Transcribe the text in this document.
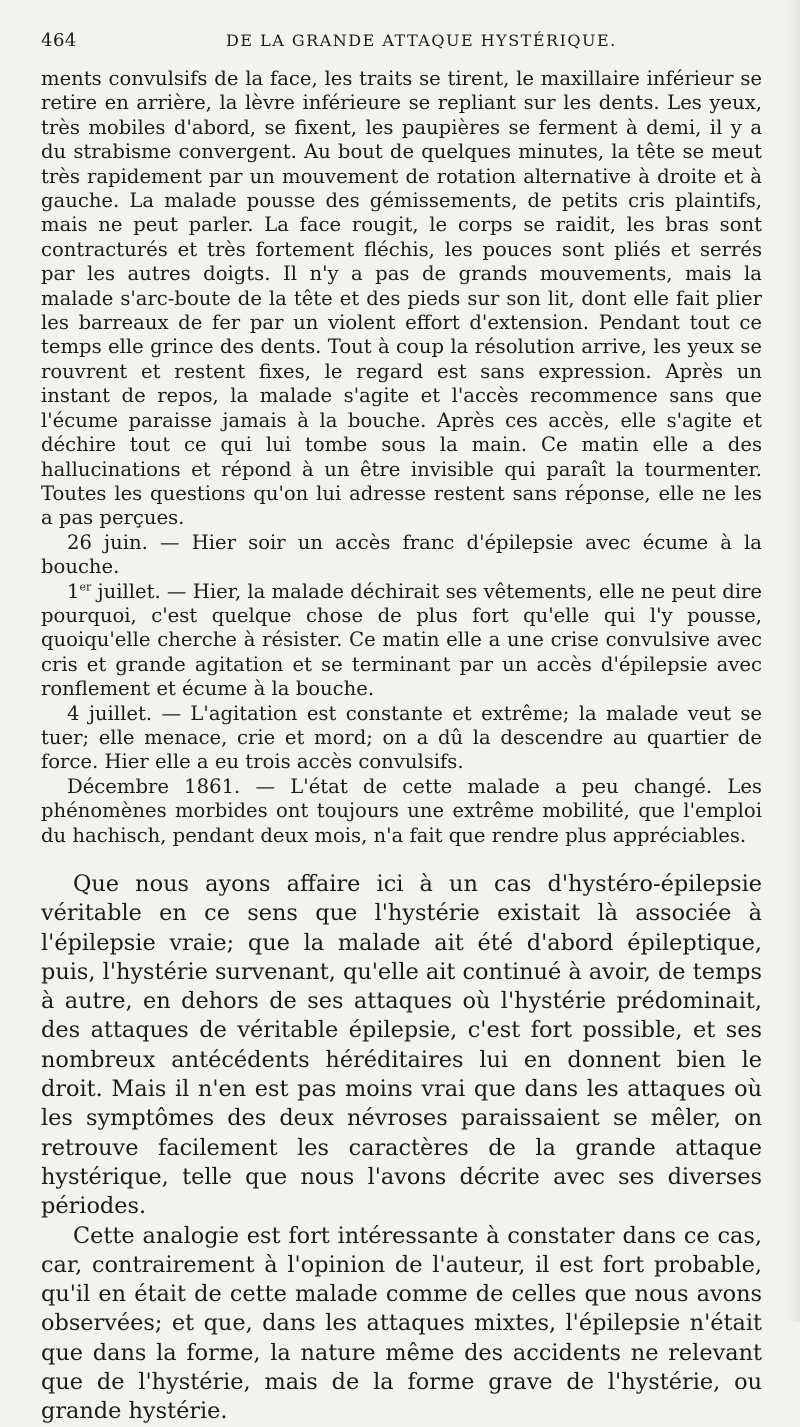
464	DE LA GRANDE ATTAQUE HYSTÉRIQUE.

ments convulsifs de la face, les traits se tirent, le maxillaire inférieur se retire en arrière, la lèvre inférieure se repliant sur les dents. Les yeux, très mobiles d'abord, se fixent, les paupières se ferment à demi, il y a du strabisme convergent. Au bout de quelques minutes, la tête se meut très rapidement par un mouvement de rotation alternative à droite et à gauche. La malade pousse des gémissements, de petits cris plaintifs, mais ne peut parler. La face rougit, le corps se raidit, les bras sont contracturés et très fortement fléchis, les pouces sont pliés et serrés par les autres doigts. Il n'y a pas de grands mouvements, mais la malade s'arc-boute de la tête et des pieds sur son lit, dont elle fait plier les barreaux de fer par un violent effort d'extension. Pendant tout ce temps elle grince des dents. Tout à coup la résolution arrive, les yeux se rouvrent et restent fixes, le regard est sans expression. Après un instant de repos, la malade s'agite et l'accès recommence sans que l'écume paraisse jamais à la bouche. Après ces accès, elle s'agite et déchire tout ce qui lui tombe sous la main. Ce matin elle a des hallucinations et répond à un être invisible qui paraît la tourmenter. Toutes les questions qu'on lui adresse restent sans réponse, elle ne les a pas perçues.

26 juin. — Hier soir un accès franc d'épilepsie avec écume à la bouche.

1er juillet. — Hier, la malade déchirait ses vêtements, elle ne peut dire pourquoi, c'est quelque chose de plus fort qu'elle qui l'y pousse, quoiqu'elle cherche à résister. Ce matin elle a une crise convulsive avec cris et grande agitation et se terminant par un accès d'épilepsie avec ronflement et écume à la bouche.

4 juillet. — L'agitation est constante et extrême; la malade veut se tuer; elle menace, crie et mord; on a dû la descendre au quartier de force. Hier elle a eu trois accès convulsifs.

Décembre 1861. — L'état de cette malade a peu changé. Les phénomènes morbides ont toujours une extrême mobilité, que l'emploi du hachisch, pendant deux mois, n'a fait que rendre plus appréciables.

Que nous ayons affaire ici à un cas d'hystéro-épilepsie véritable en ce sens que l'hystérie existait là associée à l'épilepsie vraie; que la malade ait été d'abord épileptique, puis, l'hystérie survenant, qu'elle ait continué à avoir, de temps à autre, en dehors de ses attaques où l'hystérie prédominait, des attaques de véritable épilepsie, c'est fort possible, et ses nombreux antécédents héréditaires lui en donnent bien le droit. Mais il n'en est pas moins vrai que dans les attaques où les symptômes des deux névroses paraissaient se mêler, on retrouve facilement les caractères de la grande attaque hystérique, telle que nous l'avons décrite avec ses diverses périodes.

Cette analogie est fort intéressante à constater dans ce cas, car, contrairement à l'opinion de l'auteur, il est fort probable, qu'il en était de cette malade comme de celles que nous avons observées; et que, dans les attaques mixtes, l'épilepsie n'était que dans la forme, la nature même des accidents ne relevant que de l'hystérie, mais de la forme grave de l'hystérie, ou grande hystérie.
